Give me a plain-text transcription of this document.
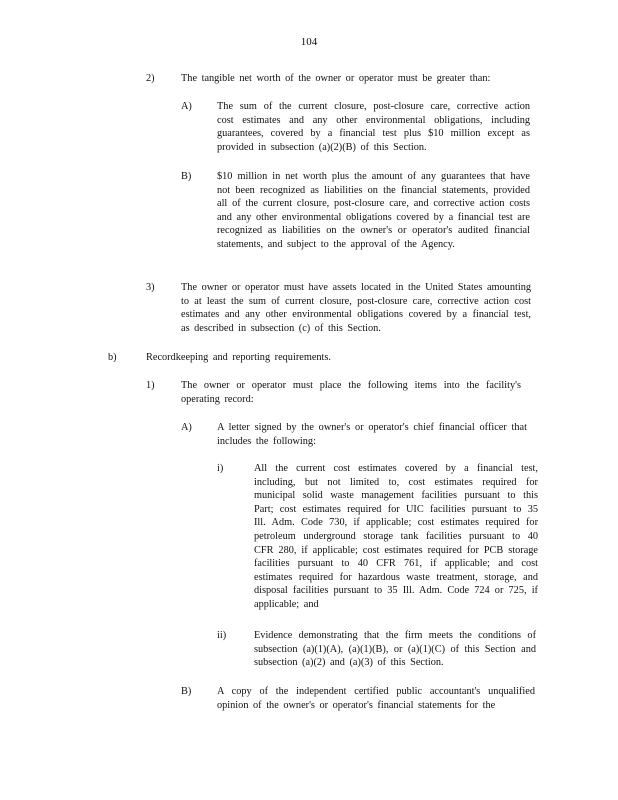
104
2)	The tangible net worth of the owner or operator must be greater than:
A) The sum of the current closure, post-closure care, corrective action cost estimates and any other environmental obligations, including guarantees, covered by a financial test plus $10 million except as provided in subsection (a)(2)(B) of this Section.
B) $10 million in net worth plus the amount of any guarantees that have not been recognized as liabilities on the financial statements, provided all of the current closure, post-closure care, and corrective action costs and any other environmental obligations covered by a financial test are recognized as liabilities on the owner's or operator's audited financial statements, and subject to the approval of the Agency.
3)	The owner or operator must have assets located in the United States amounting to at least the sum of current closure, post-closure care, corrective action cost estimates and any other environmental obligations covered by a financial test, as described in subsection (c) of this Section.
b)	Recordkeeping and reporting requirements.
1)	The owner or operator must place the following items into the facility's operating record:
A) A letter signed by the owner's or operator's chief financial officer that includes the following:
i)	All the current cost estimates covered by a financial test, including, but not limited to, cost estimates required for municipal solid waste management facilities pursuant to this Part; cost estimates required for UIC facilities pursuant to 35 Ill. Adm. Code 730, if applicable; cost estimates required for petroleum underground storage tank facilities pursuant to 40 CFR 280, if applicable; cost estimates required for PCB storage facilities pursuant to 40 CFR 761, if applicable; and cost estimates required for hazardous waste treatment, storage, and disposal facilities pursuant to 35 Ill. Adm. Code 724 or 725, if applicable; and
ii)	Evidence demonstrating that the firm meets the conditions of subsection (a)(1)(A), (a)(1)(B), or (a)(1)(C) of this Section and subsection (a)(2) and (a)(3) of this Section.
B) A copy of the independent certified public accountant's unqualified opinion of the owner's or operator's financial statements for the
